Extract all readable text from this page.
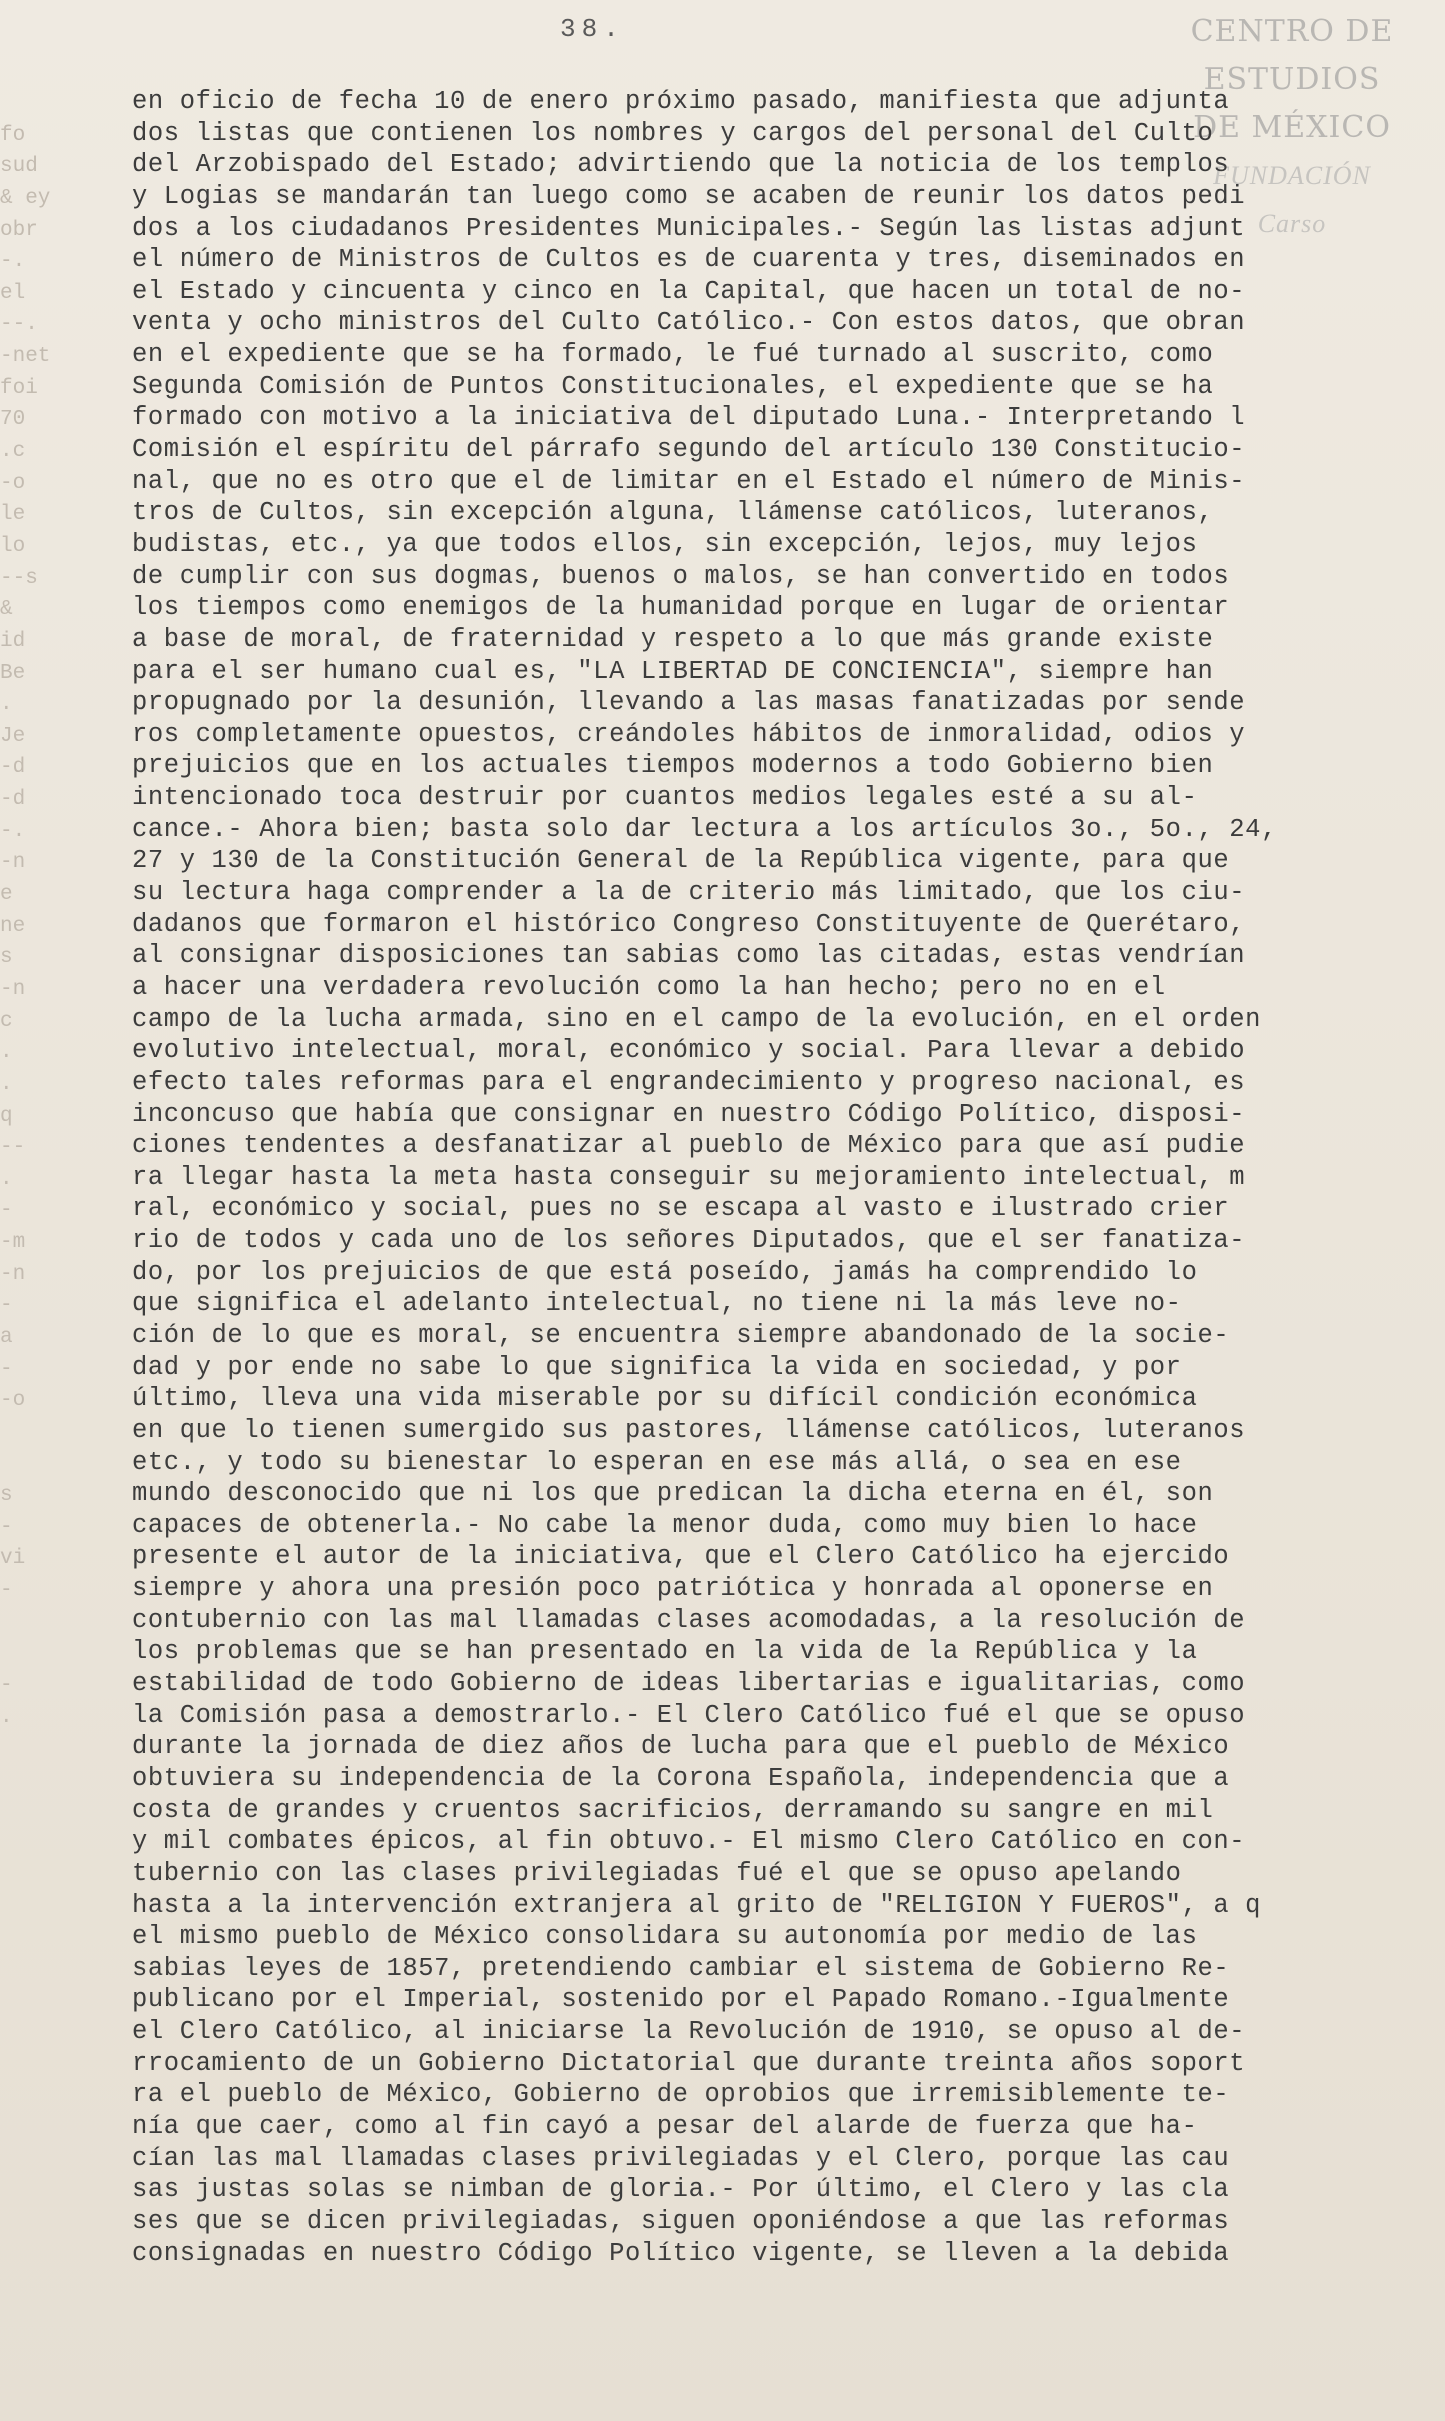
38.	CENTRO DE
ESTUDIOS
DE MÉXICO
FUNDACIÓN
Carso
fo
sud
& ey
obr
-.
el
--.
-net
foi
70
.c
-o
le
lo
--s
&
id
Be
.
Je
-d
-d
-.
-n
e
ne
s
-n
c
.
.
q
--
.
-
-m
-n
-
a
-
-o
s
-
vi
-
-
.
en oficio de fecha 10 de enero próximo pasado, manifiesta que adjunta
dos listas que contienen los nombres y cargos del personal del Culto
del Arzobispado del Estado; advirtiendo que la noticia de los templos
y Logias se mandarán tan luego como se acaben de reunir los datos pedi
dos a los ciudadanos Presidentes Municipales.- Según las listas adjunt
el número de Ministros de Cultos es de cuarenta y tres, diseminados en
el Estado y cincuenta y cinco en la Capital, que hacen un total de no-
venta y ocho ministros del Culto Católico.- Con estos datos, que obran
en el expediente que se ha formado, le fué turnado al suscrito, como
Segunda Comisión de Puntos Constitucionales, el expediente que se ha
formado con motivo a la iniciativa del diputado Luna.- Interpretando l
Comisión el espíritu del párrafo segundo del artículo 130 Constitucio-
nal, que no es otro que el de limitar en el Estado el número de Minis-
tros de Cultos, sin excepción alguna, llámense católicos, luteranos,
budistas, etc., ya que todos ellos, sin excepción, lejos, muy lejos
de cumplir con sus dogmas, buenos o malos, se han convertido en todos
los tiempos como enemigos de la humanidad porque en lugar de orientar
a base de moral, de fraternidad y respeto a lo que más grande existe
para el ser humano cual es, "LA LIBERTAD DE CONCIENCIA", siempre han
propugnado por la desunión, llevando a las masas fanatizadas por sende
ros completamente opuestos, creándoles hábitos de inmoralidad, odios y
prejuicios que en los actuales tiempos modernos a todo Gobierno bien
intencionado toca destruir por cuantos medios legales esté a su al-
cance.- Ahora bien; basta solo dar lectura a los artículos 3o., 5o., 24,
27 y 130 de la Constitución General de la República vigente, para que
su lectura haga comprender a la de criterio más limitado, que los ciu-
dadanos que formaron el histórico Congreso Constituyente de Querétaro,
al consignar disposiciones tan sabias como las citadas, estas vendrían
a hacer una verdadera revolución como la han hecho; pero no en el
campo de la lucha armada, sino en el campo de la evolución, en el orden
evolutivo intelectual, moral, económico y social. Para llevar a debido
efecto tales reformas para el engrandecimiento y progreso nacional, es
inconcuso que había que consignar en nuestro Código Político, disposi-
ciones tendentes a desfanatizar al pueblo de México para que así pudie
ra llegar hasta la meta hasta conseguir su mejoramiento intelectual, m
ral, económico y social, pues no se escapa al vasto e ilustrado crier
rio de todos y cada uno de los señores Diputados, que el ser fanatiza-
do, por los prejuicios de que está poseído, jamás ha comprendido lo
que significa el adelanto intelectual, no tiene ni la más leve no-
ción de lo que es moral, se encuentra siempre abandonado de la socie-
dad y por ende no sabe lo que significa la vida en sociedad, y por
último, lleva una vida miserable por su difícil condición económica
en que lo tienen sumergido sus pastores, llámense católicos, luteranos
etc., y todo su bienestar lo esperan en ese más allá, o sea en ese
mundo desconocido que ni los que predican la dicha eterna en él, son
capaces de obtenerla.- No cabe la menor duda, como muy bien lo hace
presente el autor de la iniciativa, que el Clero Católico ha ejercido
siempre y ahora una presión poco patriótica y honrada al oponerse en
contubernio con las mal llamadas clases acomodadas, a la resolución de
los problemas que se han presentado en la vida de la República y la
estabilidad de todo Gobierno de ideas libertarias e igualitarias, como
la Comisión pasa a demostrarlo.- El Clero Católico fué el que se opuso
durante la jornada de diez años de lucha para que el pueblo de México
obtuviera su independencia de la Corona Española, independencia que a
costa de grandes y cruentos sacrificios, derramando su sangre en mil
y mil combates épicos, al fin obtuvo.- El mismo Clero Católico en con-
tubernio con las clases privilegiadas fué el que se opuso apelando
hasta a la intervención extranjera al grito de "RELIGION Y FUEROS", a q
el mismo pueblo de México consolidara su autonomía por medio de las
sabias leyes de 1857, pretendiendo cambiar el sistema de Gobierno Re-
publicano por el Imperial, sostenido por el Papado Romano.-Igualmente
el Clero Católico, al iniciarse la Revolución de 1910, se opuso al de-
rrocamiento de un Gobierno Dictatorial que durante treinta años soport
ra el pueblo de México, Gobierno de oprobios que irremisiblemente te-
nía que caer, como al fin cayó a pesar del alarde de fuerza que ha-
cían las mal llamadas clases privilegiadas y el Clero, porque las cau
sas justas solas se nimban de gloria.- Por último, el Clero y las cla
ses que se dicen privilegiadas, siguen oponiéndose a que las reformas
consignadas en nuestro Código Político vigente, se lleven a la debida
